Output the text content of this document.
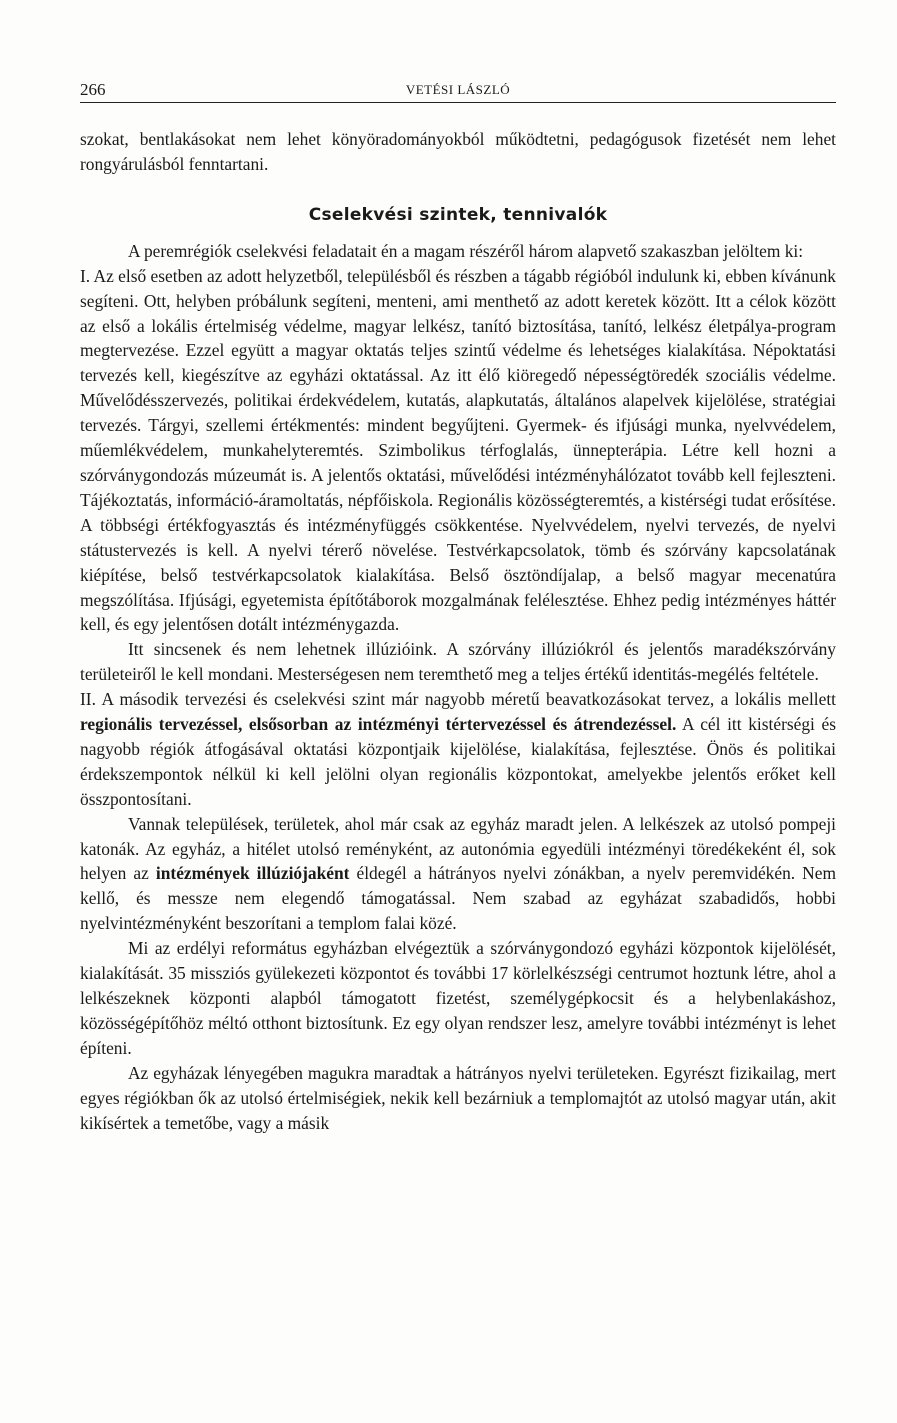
266	VETÉSI LÁSZLÓ

szokat, bentlakásokat nem lehet könyöradományokból működtetni, pedagógusok fizetését nem lehet rongyárulásból fenntartani.

Cselekvési szintek, tennivalók

A peremrégiók cselekvési feladatait én a magam részéről három alapvető szakaszban jelöltem ki:

I. Az első esetben az adott helyzetből, településből és részben a tágabb régióból indulunk ki, ebben kívánunk segíteni. Ott, helyben próbálunk segíteni, menteni, ami menthető az adott keretek között. Itt a célok között az első a lokális értelmiség védelme, magyar lelkész, tanító biztosítása, tanító, lelkész életpálya-program megtervezése. Ezzel együtt a magyar oktatás teljes szintű védelme és lehetséges kialakítása. Népoktatási tervezés kell, kiegészítve az egyházi oktatással. Az itt élő kiöregedő népességtöredék szociális védelme. Művelődésszervezés, politikai érdekvédelem, kutatás, alapkutatás, általános alapelvek kijelölése, stratégiai tervezés. Tárgyi, szellemi értékmentés: mindent begyűjteni. Gyermek- és ifjúsági munka, nyelvvédelem, műemlékvédelem, munkahelyteremtés. Szimbolikus térfoglalás, ünnepterápia. Létre kell hozni a szórványgondozás múzeumát is. A jelentős oktatási, művelődési intézményhálózatot tovább kell fejleszteni. Tájékoztatás, információ-áramoltatás, népfőiskola. Regionális közösségteremtés, a kistérségi tudat erősítése. A többségi értékfogyasztás és intézményfüggés csökkentése. Nyelvvédelem, nyelvi tervezés, de nyelvi státustervezés is kell. A nyelvi térerő növelése. Testvérkapcsolatok, tömb és szórvány kapcsolatának kiépítése, belső testvérkapcsolatok kialakítása. Belső ösztöndíjalap, a belső magyar mecenatúra megszólítása. Ifjúsági, egyetemista építőtáborok mozgalmának felélesztése. Ehhez pedig intézményes háttér kell, és egy jelentősen dotált intézménygazda.

Itt sincsenek és nem lehetnek illúzióink. A szórvány illúziókról és jelentős maradékszórvány területeiről le kell mondani. Mesterségesen nem teremthető meg a teljes értékű identitás-megélés feltétele.

II. A második tervezési és cselekvési szint már nagyobb méretű beavatkozásokat tervez, a lokális mellett regionális tervezéssel, elsősorban az intézményi tértervezéssel és átrendezéssel. A cél itt kistérségi és nagyobb régiók átfogásával oktatási központjaik kijelölése, kialakítása, fejlesztése. Önös és politikai érdekszempontok nélkül ki kell jelölni olyan regionális központokat, amelyekbe jelentős erőket kell összpontosítani.

Vannak települések, területek, ahol már csak az egyház maradt jelen. A lelkészek az utolsó pompeji katonák. Az egyház, a hitélet utolsó reményként, az autonómia egyedüli intézményi töredékeként él, sok helyen az intézmények illúziójaként éldegél a hátrányos nyelvi zónákban, a nyelv peremvidékén. Nem kellő, és messze nem elegendő támogatással. Nem szabad az egyházat szabadidős, hobbi nyelvintézményként beszorítani a templom falai közé.

Mi az erdélyi református egyházban elvégeztük a szórványgondozó egyházi központok kijelölését, kialakítását. 35 missziós gyülekezeti központot és további 17 körlelkészségi centrumot hoztunk létre, ahol a lelkészeknek központi alapból támogatott fizetést, személygépkocsit és a helybenlakáshoz, közösségépítőhöz méltó otthont biztosítunk. Ez egy olyan rendszer lesz, amelyre további intézményt is lehet építeni.

Az egyházak lényegében magukra maradtak a hátrányos nyelvi területeken. Egyrészt fizikailag, mert egyes régiókban ők az utolsó értelmiségiek, nekik kell bezárniuk a templomajtót az utolsó magyar után, akit kikísértek a temetőbe, vagy a másik
